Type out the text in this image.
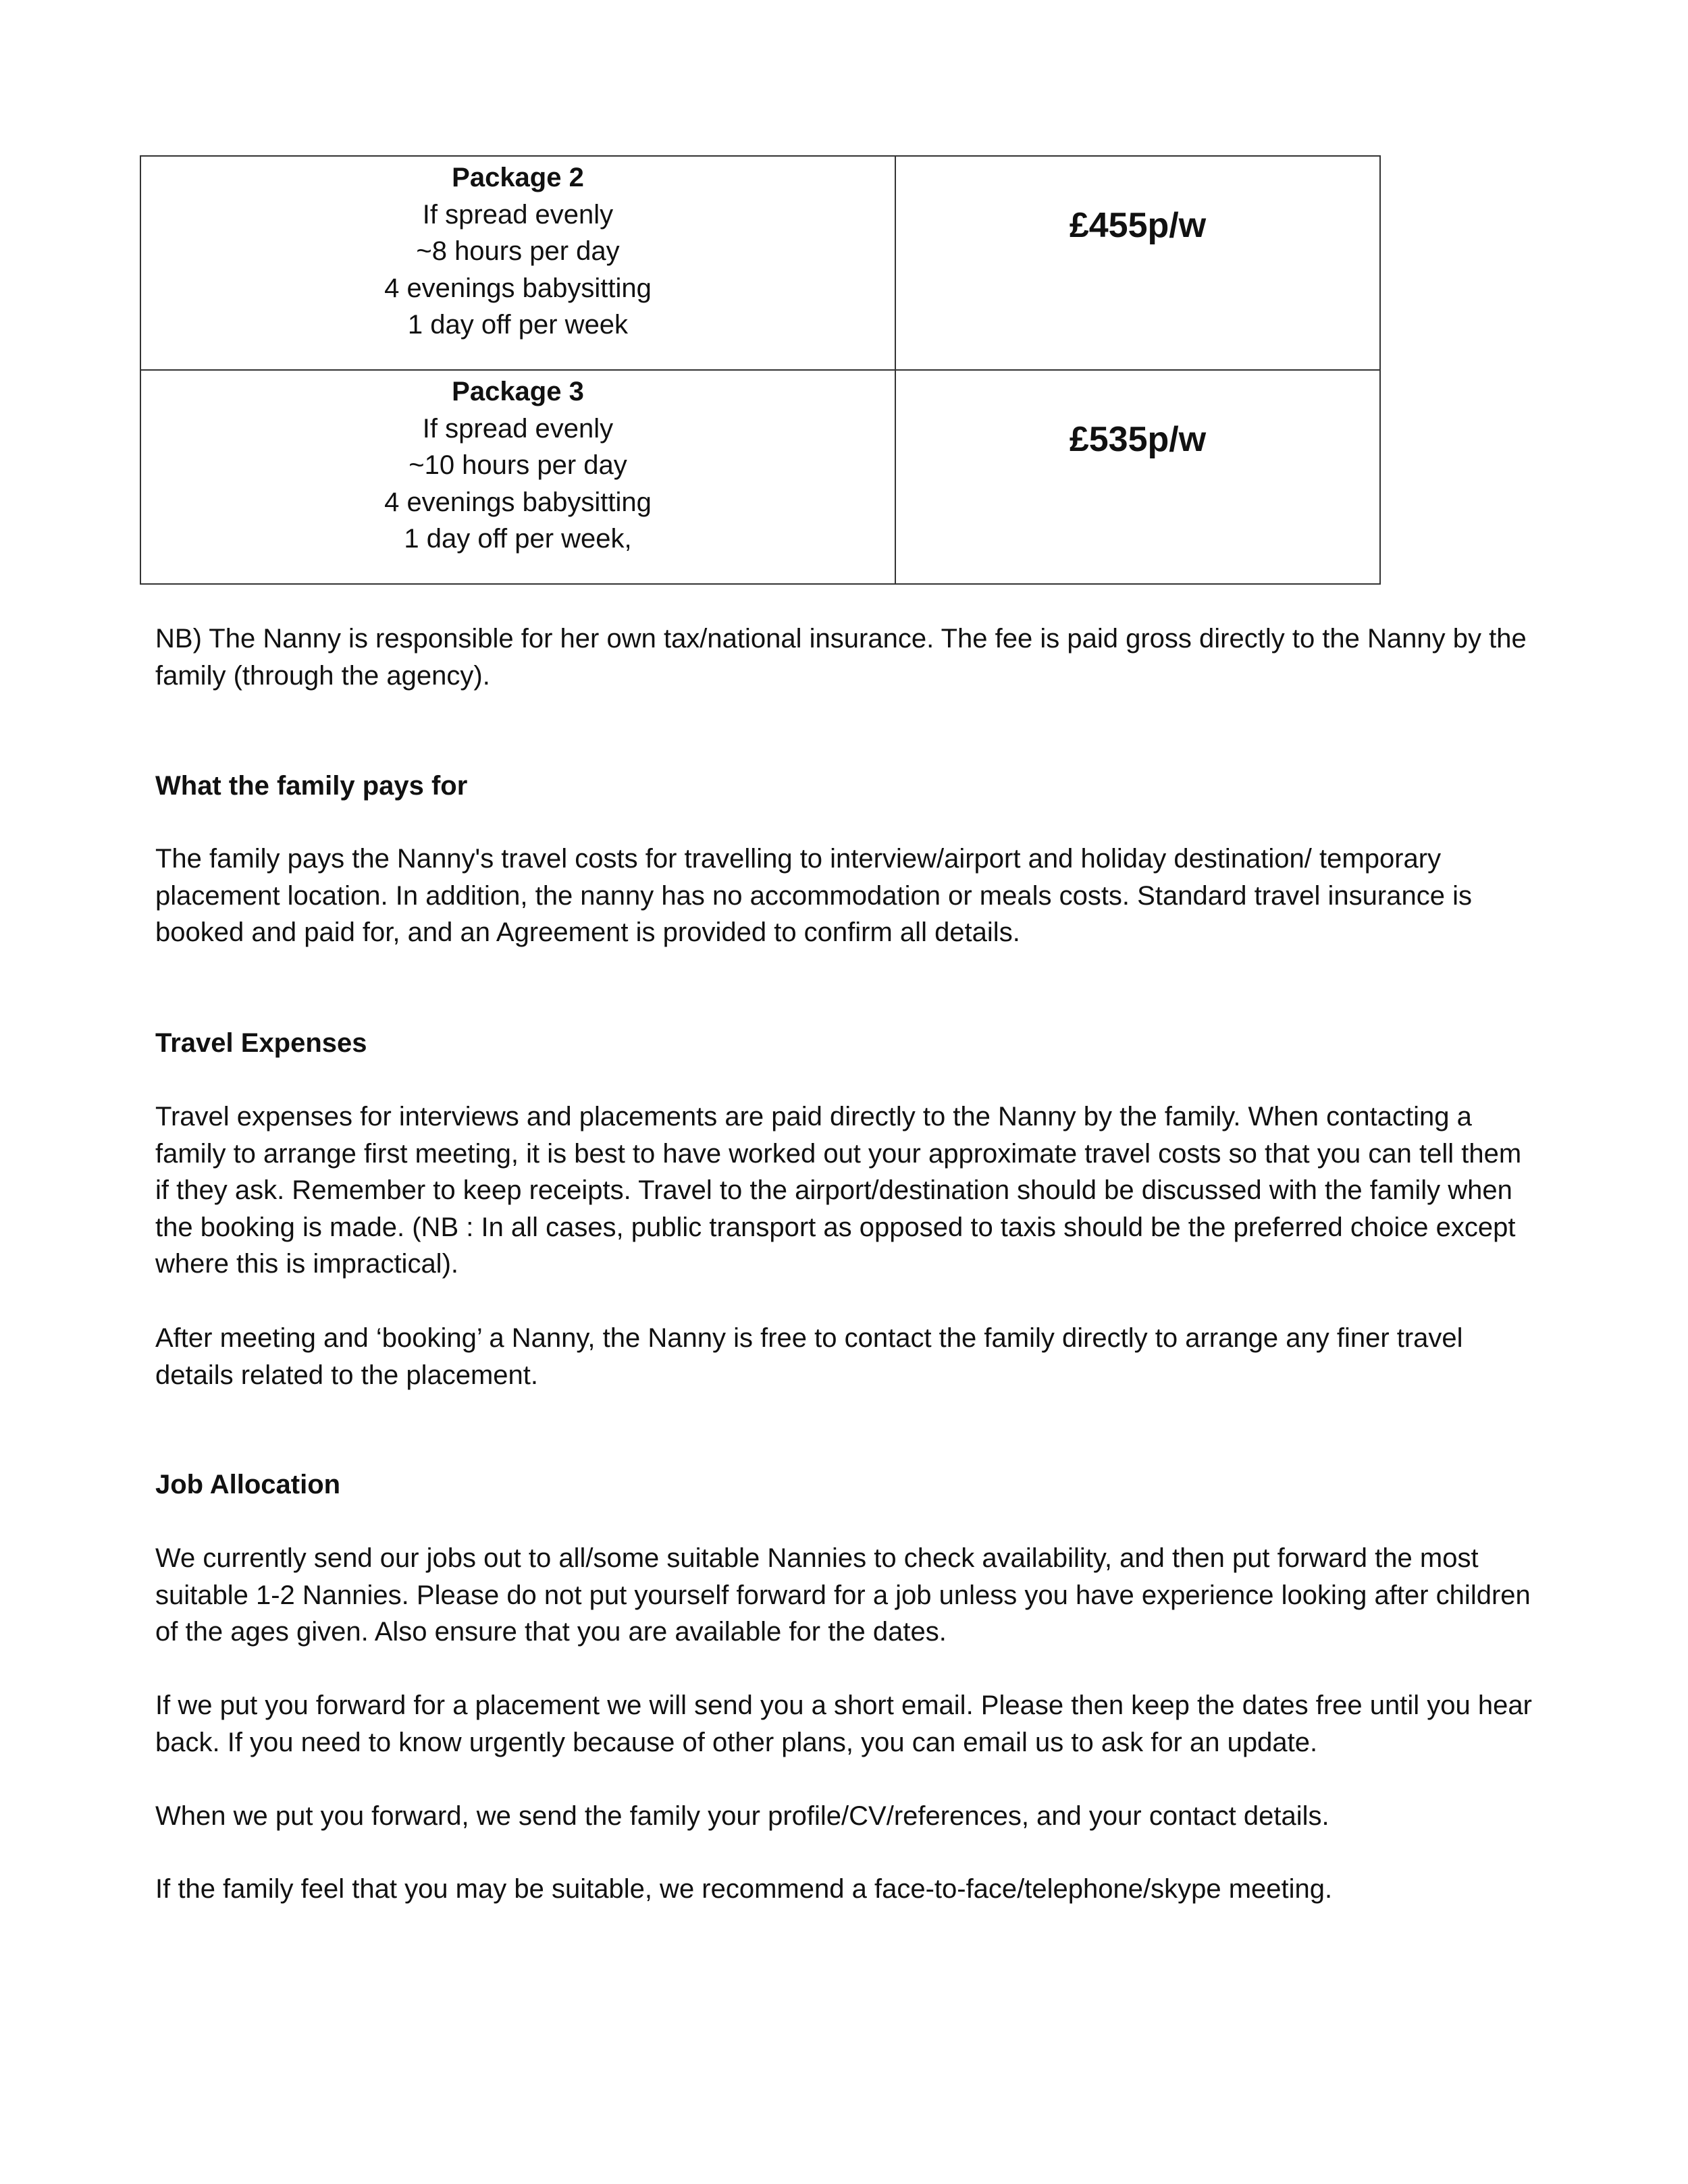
Package 2
If spread evenly
~8 hours per day
4 evenings babysitting
1 day off per week	£455p/w

Package 3
If spread evenly
~10 hours per day
4 evenings babysitting
1 day off per week,	£535p/w

NB) The Nanny is responsible for her own tax/national insurance. The fee is paid gross directly to the Nanny by the family (through the agency).

What the family pays for

The family pays the Nanny's travel costs for travelling to interview/airport and holiday destination/ temporary placement location. In addition, the nanny has no accommodation or meals costs. Standard travel insurance is booked and paid for, and an Agreement is provided to confirm all details.

Travel Expenses

Travel expenses for interviews and placements are paid directly to the Nanny by the family. When contacting a family to arrange first meeting, it is best to have worked out your approximate travel costs so that you can tell them if they ask. Remember to keep receipts. Travel to the airport/destination should be discussed with the family when the booking is made. (NB : In all cases, public transport as opposed to taxis should be the preferred choice except where this is impractical).

After meeting and ‘booking’ a Nanny, the Nanny is free to contact the family directly to arrange any finer travel details related to the placement.

Job Allocation

We currently send our jobs out to all/some suitable Nannies to check availability, and then put forward the most suitable 1-2 Nannies. Please do not put yourself forward for a job unless you have experience looking after children of the ages given. Also ensure that you are available for the dates.

If we put you forward for a placement we will send you a short email. Please then keep the dates free until you hear back. If you need to know urgently because of other plans, you can email us to ask for an update.

When we put you forward, we send the family your profile/CV/references, and your contact details.

If the family feel that you may be suitable, we recommend a face-to-face/telephone/skype meeting.
